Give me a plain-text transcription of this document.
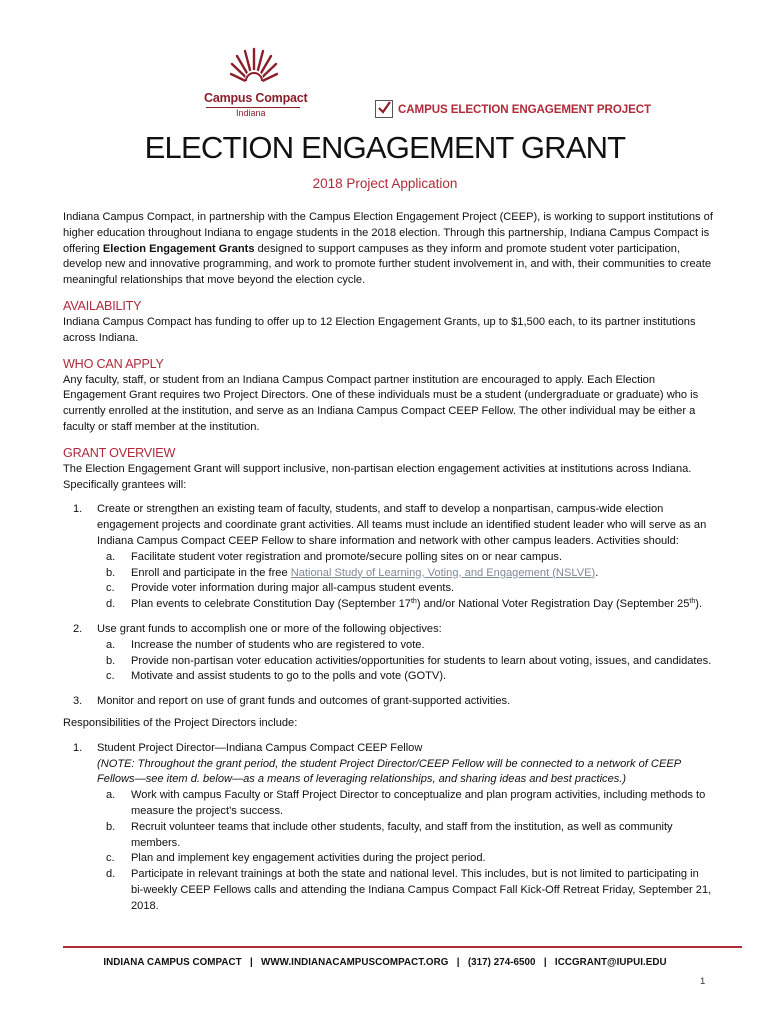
Campus Compact
Indiana	CAMPUS ELECTION ENGAGEMENT PROJECT
ELECTION ENGAGEMENT GRANT
2018 Project Application

Indiana Campus Compact, in partnership with the Campus Election Engagement Project (CEEP), is working to support institutions of higher education throughout Indiana to engage students in the 2018 election. Through this partnership, Indiana Campus Compact is offering Election Engagement Grants designed to support campuses as they inform and promote student voter participation, develop new and innovative programming, and work to promote further student involvement in, and with, their communities to create meaningful relationships that move beyond the election cycle.

AVAILABILITY

Indiana Campus Compact has funding to offer up to 12 Election Engagement Grants, up to $1,500 each, to its partner institutions across Indiana.

WHO CAN APPLY

Any faculty, staff, or student from an Indiana Campus Compact partner institution are encouraged to apply. Each Election Engagement Grant requires two Project Directors. One of these individuals must be a student (undergraduate or graduate) who is currently enrolled at the institution, and serve as an Indiana Campus Compact CEEP Fellow. The other individual may be either a faculty or staff member at the institution.

GRANT OVERVIEW

The Election Engagement Grant will support inclusive, non-partisan election engagement activities at institutions across Indiana. Specifically grantees will:

1. Create or strengthen an existing team of faculty, students, and staff to develop a nonpartisan, campus-wide election engagement projects and coordinate grant activities. All teams must include an identified student leader who will serve as an Indiana Campus Compact CEEP Fellow to share information and network with other campus leaders. Activities should:
a. Facilitate student voter registration and promote/secure polling sites on or near campus.
b. Enroll and participate in the free National Study of Learning, Voting, and Engagement (NSLVE).
c. Provide voter information during major all-campus student events.
d. Plan events to celebrate Constitution Day (September 17th) and/or National Voter Registration Day (September 25th).
2. Use grant funds to accomplish one or more of the following objectives:
a. Increase the number of students who are registered to vote.
b. Provide non-partisan voter education activities/opportunities for students to learn about voting, issues, and candidates.
c. Motivate and assist students to go to the polls and vote (GOTV).
3. Monitor and report on use of grant funds and outcomes of grant-supported activities.

Responsibilities of the Project Directors include:

1. Student Project Director—Indiana Campus Compact CEEP Fellow
(NOTE: Throughout the grant period, the student Project Director/CEEP Fellow will be connected to a network of CEEP Fellows—see item d. below—as a means of leveraging relationships, and sharing ideas and best practices.)
a. Work with campus Faculty or Staff Project Director to conceptualize and plan program activities, including methods to measure the project’s success.
b. Recruit volunteer teams that include other students, faculty, and staff from the institution, as well as community members.
c. Plan and implement key engagement activities during the project period.
d. Participate in relevant trainings at both the state and national level. This includes, but is not limited to participating in bi-weekly CEEP Fellows calls and attending the Indiana Campus Compact Fall Kick-Off Retreat Friday, September 21, 2018.
INDIANA CAMPUS COMPACT   |   WWW.INDIANACAMPUSCOMPACT.ORG   |   (317) 274-6500   |   ICCGRANT@IUPUI.EDU
1
